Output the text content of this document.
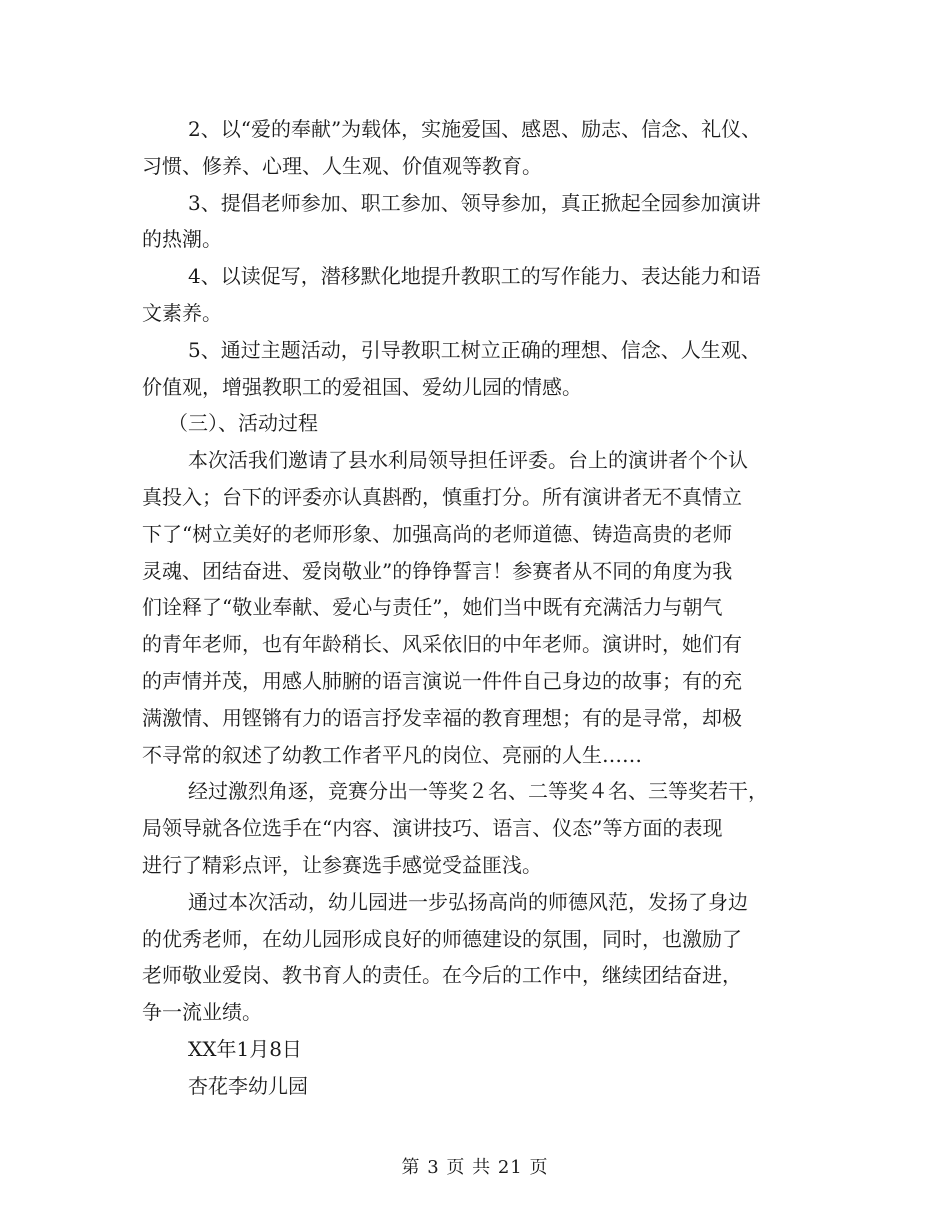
2、以“爱的奉献”为载体，实施爱国、感恩、励志、信念、礼仪、
习惯、修养、心理、人生观、价值观等教育。

3、提倡老师参加、职工参加、领导参加，真正掀起全园参加演讲
的热潮。

4、以读促写，潜移默化地提升教职工的写作能力、表达能力和语
文素养。

5、通过主题活动，引导教职工树立正确的理想、信念、人生观、
价值观，增强教职工的爱祖国、爱幼儿园的情感。

（三）、活动过程

本次活我们邀请了县水利局领导担任评委。台上的演讲者个个认
真投入；台下的评委亦认真斟酌，慎重打分。所有演讲者无不真情立
下了“树立美好的老师形象、加强高尚的老师道德、铸造高贵的老师
灵魂、团结奋进、爱岗敬业”的铮铮誓言！参赛者从不同的角度为我
们诠释了“敬业奉献、爱心与责任”，她们当中既有充满活力与朝气
的青年老师，也有年龄稍长、风采依旧的中年老师。演讲时，她们有
的声情并茂，用感人肺腑的语言演说一件件自己身边的故事；有的充
满激情、用铿锵有力的语言抒发幸福的教育理想；有的是寻常，却极
不寻常的叙述了幼教工作者平凡的岗位、亮丽的人生……

经过激烈角逐，竞赛分出一等奖２名、二等奖４名、三等奖若干，
局领导就各位选手在“内容、演讲技巧、语言、仪态”等方面的表现
进行了精彩点评，让参赛选手感觉受益匪浅。

通过本次活动，幼儿园进一步弘扬高尚的师德风范，发扬了身边
的优秀老师，在幼儿园形成良好的师德建设的氛围，同时，也激励了
老师敬业爱岗、教书育人的责任。在今后的工作中，继续团结奋进，
争一流业绩。

XX年1月8日

杏花李幼儿园

第 3 页 共 21 页
